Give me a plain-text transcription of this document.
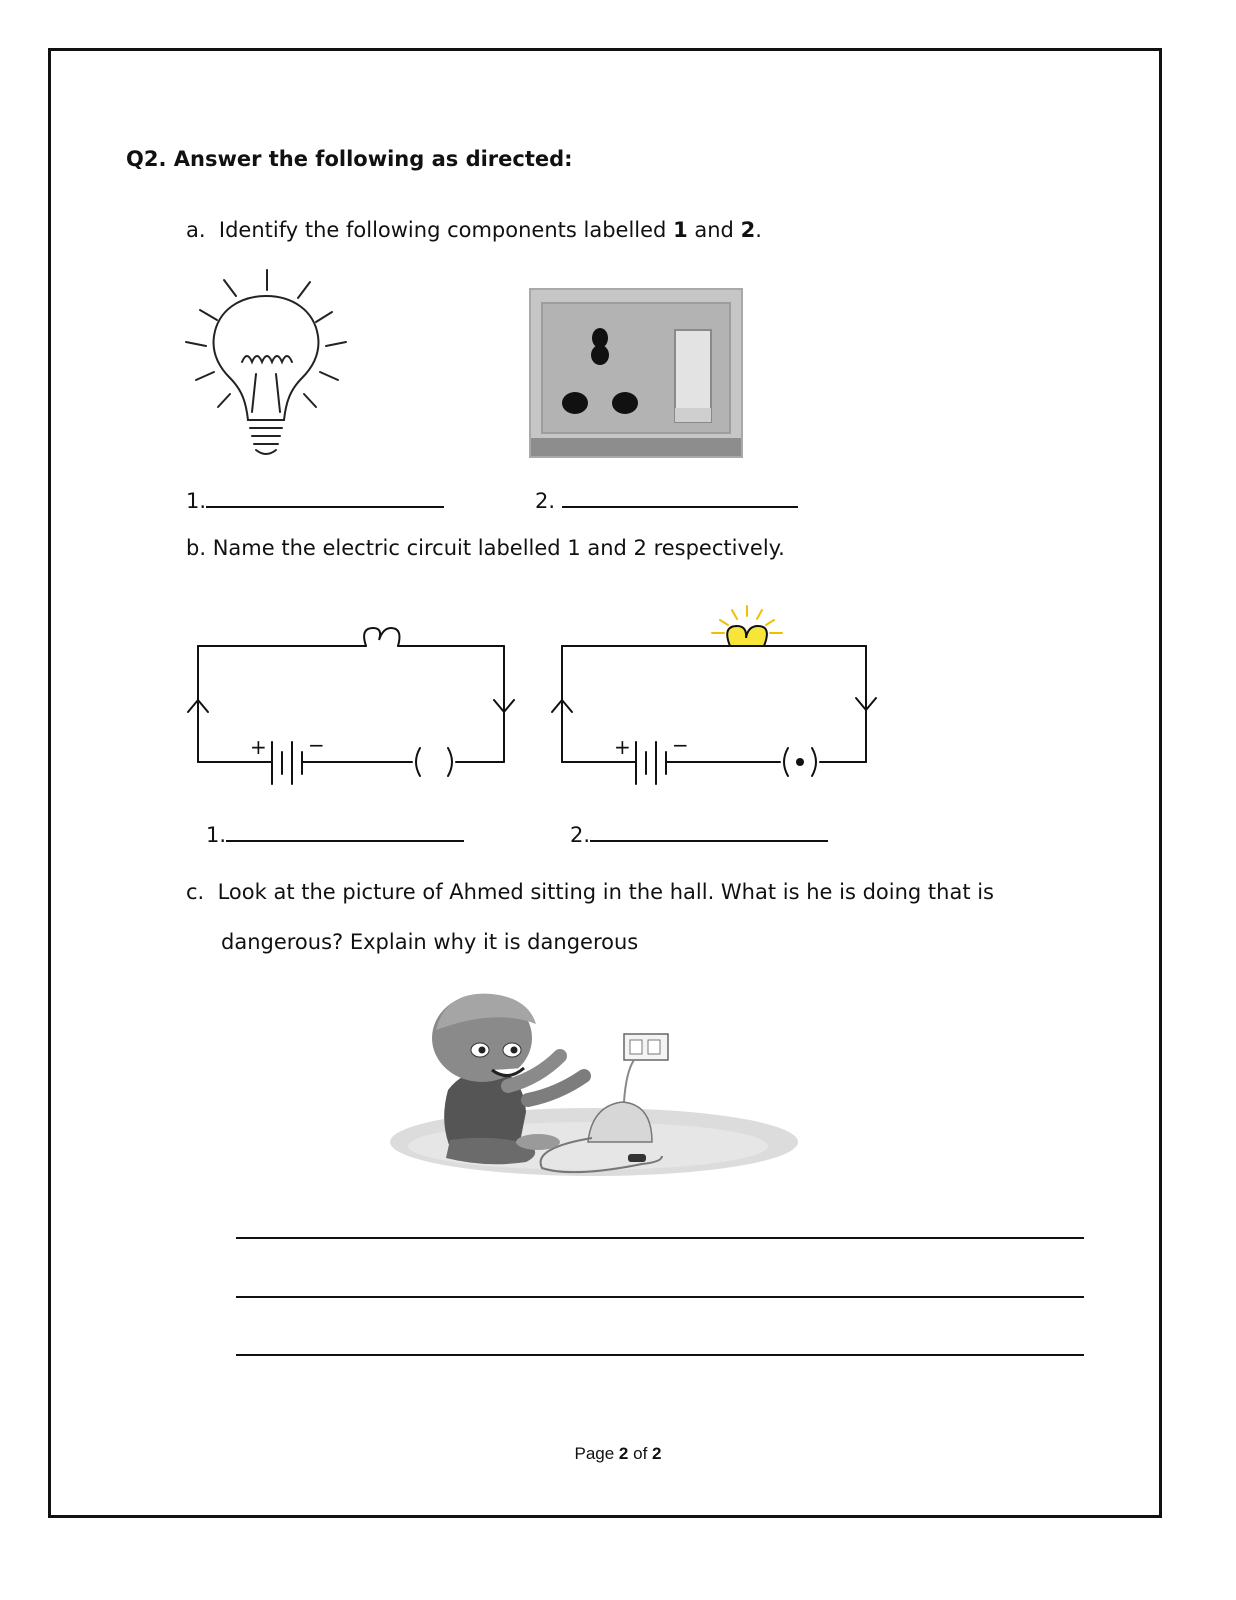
Q2. Answer the following as directed:
a. Identify the following components labelled 1 and 2.
1.	2.
b. Name the electric circuit labelled 1 and 2 respectively.
+ −	+ −
1.	2.
c. Look at the picture of Ahmed sitting in the hall. What is he is doing that is
dangerous? Explain why it is dangerous
Page 2 of 2
